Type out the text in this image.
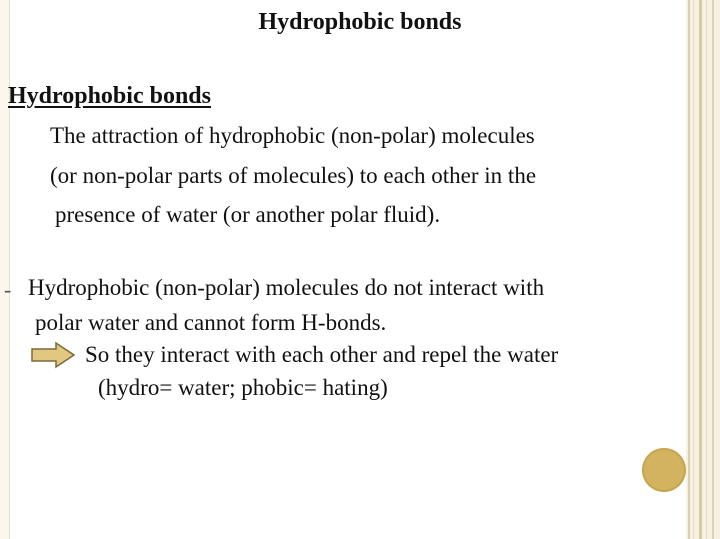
Hydrophobic bonds
Hydrophobic bonds
The attraction of hydrophobic (non-polar) molecules
(or non-polar parts of molecules) to each other in the
presence of water (or another polar fluid).
- Hydrophobic (non-polar) molecules do not interact with
polar water and cannot form H-bonds.
So they interact with each other and repel the water
(hydro= water; phobic= hating)
